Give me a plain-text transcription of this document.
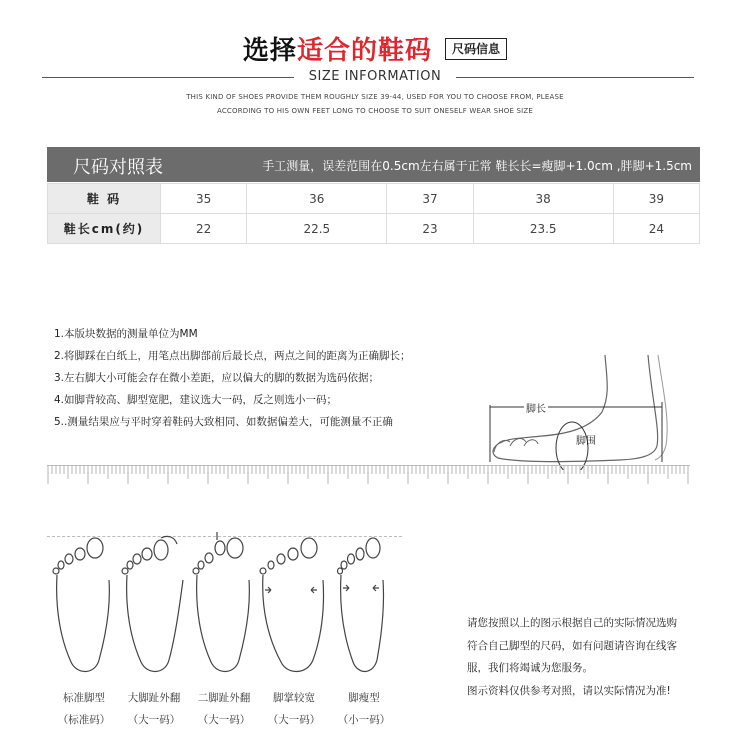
选择适合的鞋码 尺码信息
SIZE INFORMATION
THIS KIND OF SHOES PROVIDE THEM ROUGHLY SIZE 39-44, USED FOR YOU TO CHOOSE FROM, PLEASE
ACCORDING TO HIS OWN FEET LONG TO CHOOSE TO SUIT ONESELF WEAR SHOE SIZE
尺码对照表	手工测量，误差范围在0.5cm左右属于正常 鞋长长=瘦脚+1.0cm ,胖脚+1.5cm
鞋 码	35	36	37	38	39
鞋长cm(约)	22	22.5	23	23.5	24
1.本版块数据的测量单位为MM
2.将脚踩在白纸上，用笔点出脚部前后最长点，两点之间的距离为正确脚长；
3.左右脚大小可能会存在微小差距，应以偏大的脚的数据为选码依据；
4.如脚背较高、脚型宽肥，建议选大一码，反之则选小一码；
5..测量结果应与平时穿着鞋码大致相同、如数据偏差大，可能测量不正确
脚长
脚围
标准脚型
（标准码）
大脚趾外翻
（大一码）
二脚趾外翻
（大一码）
脚掌较宽
（大一码）
脚瘦型
（小一码）
请您按照以上的图示根据自己的实际情况选购
符合自己脚型的尺码，如有问题请咨询在线客
服，我们将竭诚为您服务。
图示资料仅供参考对照，请以实际情况为准!
